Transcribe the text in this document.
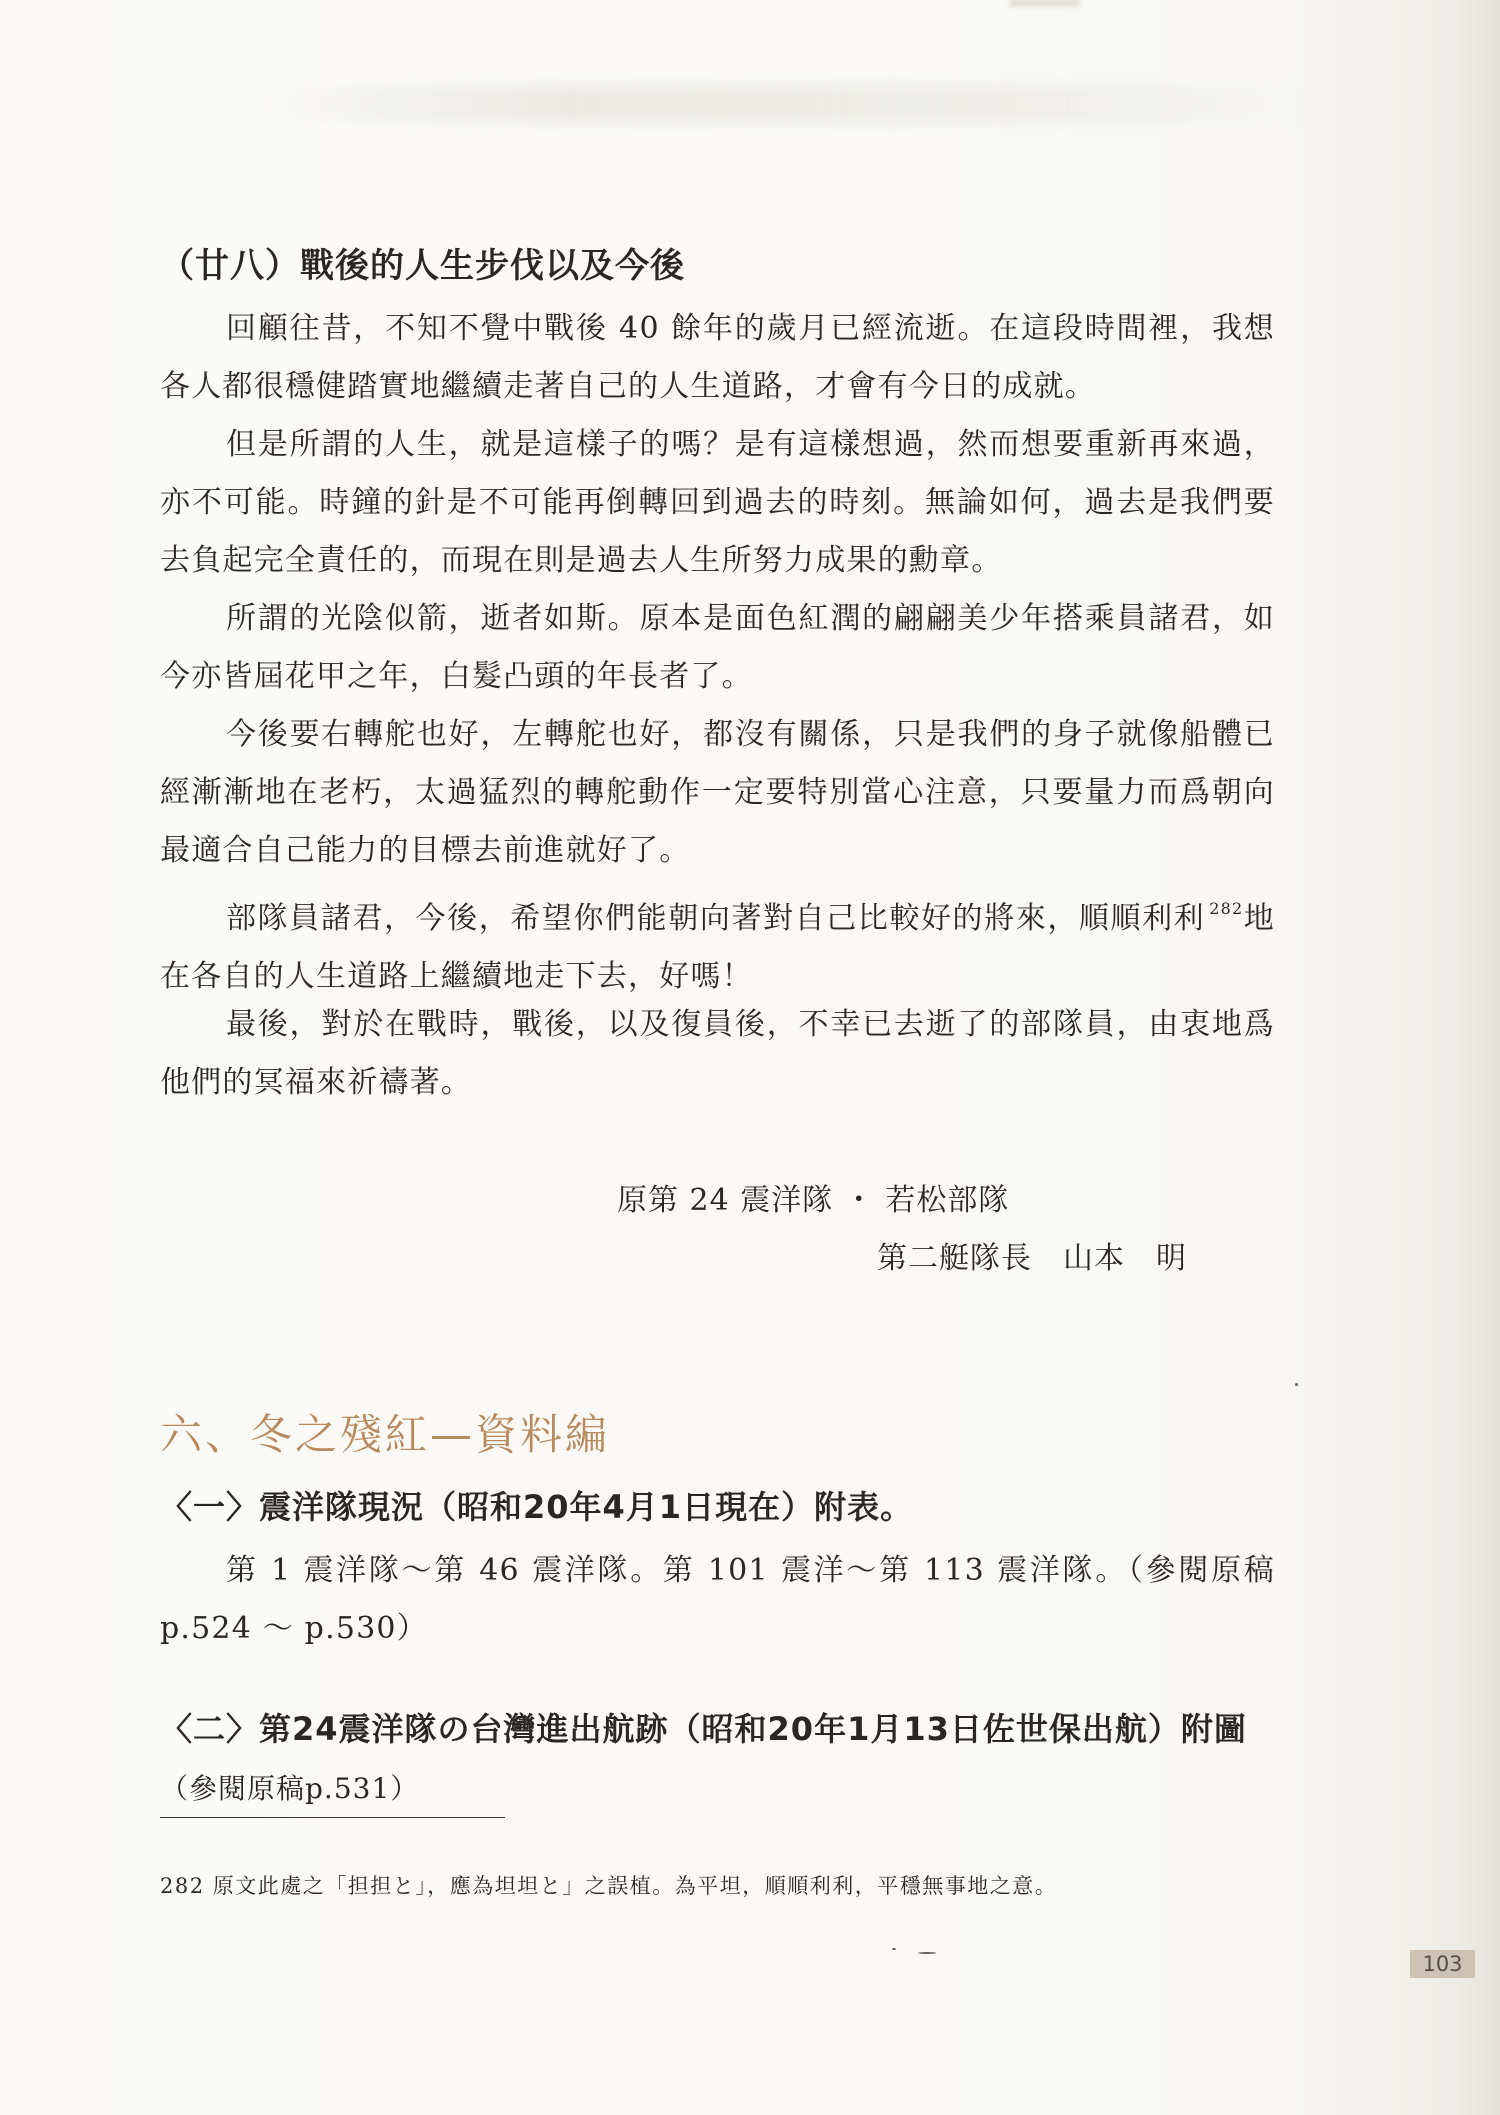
（廿八）戰後的人生步伐以及今後

回顧往昔，不知不覺中戰後 40 餘年的歲月已經流逝。在這段時間裡，我想各人都很穩健踏實地繼續走著自己的人生道路，才會有今日的成就。

但是所謂的人生，就是這樣子的嗎？是有這樣想過，然而想要重新再來過，亦不可能。時鐘的針是不可能再倒轉回到過去的時刻。無論如何，過去是我們要去負起完全責任的，而現在則是過去人生所努力成果的勳章。

所謂的光陰似箭，逝者如斯。原本是面色紅潤的翩翩美少年搭乘員諸君，如今亦皆屆花甲之年，白髮凸頭的年長者了。

今後要右轉舵也好，左轉舵也好，都沒有關係，只是我們的身子就像船體已經漸漸地在老朽，太過猛烈的轉舵動作一定要特別當心注意，只要量力而爲朝向最適合自己能力的目標去前進就好了。

部隊員諸君，今後，希望你們能朝向著對自己比較好的將來，順順利利 $^{282}$地在各自的人生道路上繼續地走下去，好嗎！

最後，對於在戰時，戰後，以及復員後，不幸已去逝了的部隊員，由衷地爲他們的冥福來祈禱著。

原第 24 震洋隊 ・ 若松部隊
第二艇隊長　山本　明
六、冬之殘紅—資料編
〈一〉震洋隊現況（昭和20年4月1日現在）附表。

第 1 震洋隊～第 46 震洋隊。第 101 震洋～第 113 震洋隊。（參閱原稿 p.524 ～ p.530）

〈二〉第24震洋隊の台灣進出航跡（昭和20年1月13日佐世保出航）附圖（參閱原稿p.531）
282 原文此處之「担担と」，應為坦坦と」之誤植。為平坦，順順利利，平穩無事地之意。
103
